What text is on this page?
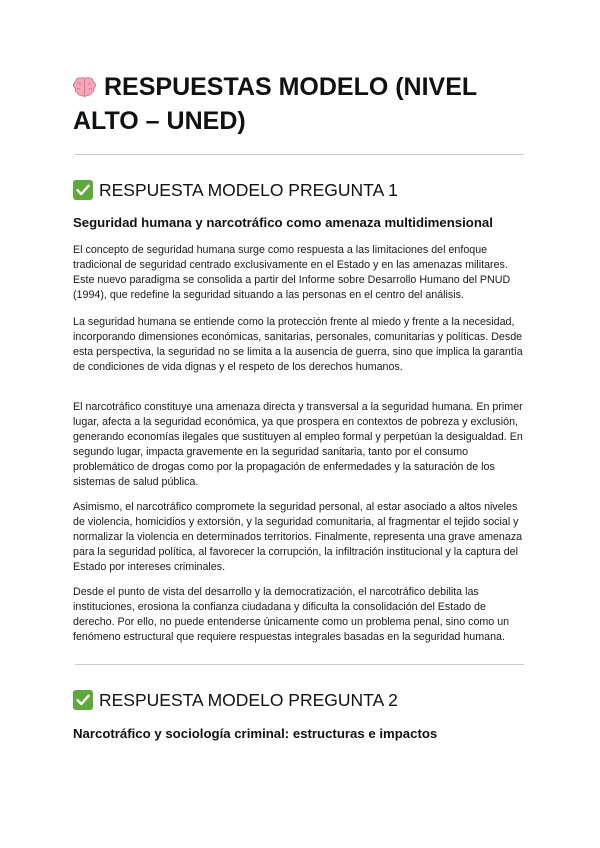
RESPUESTAS MODELO (NIVEL ALTO – UNED)
RESPUESTA MODELO PREGUNTA 1
Seguridad humana y narcotráfico como amenaza multidimensional

El concepto de seguridad humana surge como respuesta a las limitaciones del enfoque tradicional de seguridad centrado exclusivamente en el Estado y en las amenazas militares. Este nuevo paradigma se consolida a partir del Informe sobre Desarrollo Humano del PNUD (1994), que redefine la seguridad situando a las personas en el centro del análisis.

La seguridad humana se entiende como la protección frente al miedo y frente a la necesidad, incorporando dimensiones económicas, sanitarias, personales, comunitarias y políticas. Desde esta perspectiva, la seguridad no se limita a la ausencia de guerra, sino que implica la garantía de condiciones de vida dignas y el respeto de los derechos humanos.

El narcotráfico constituye una amenaza directa y transversal a la seguridad humana. En primer lugar, afecta a la seguridad económica, ya que prospera en contextos de pobreza y exclusión, generando economías ilegales que sustituyen al empleo formal y perpetúan la desigualdad. En segundo lugar, impacta gravemente en la seguridad sanitaria, tanto por el consumo problemático de drogas como por la propagación de enfermedades y la saturación de los sistemas de salud pública.

Asimismo, el narcotráfico compromete la seguridad personal, al estar asociado a altos niveles de violencia, homicidios y extorsión, y la seguridad comunitaria, al fragmentar el tejido social y normalizar la violencia en determinados territorios. Finalmente, representa una grave amenaza para la seguridad política, al favorecer la corrupción, la infiltración institucional y la captura del Estado por intereses criminales.

Desde el punto de vista del desarrollo y la democratización, el narcotráfico debilita las instituciones, erosiona la confianza ciudadana y dificulta la consolidación del Estado de derecho. Por ello, no puede entenderse únicamente como un problema penal, sino como un fenómeno estructural que requiere respuestas integrales basadas en la seguridad humana.

RESPUESTA MODELO PREGUNTA 2
Narcotráfico y sociología criminal: estructuras e impactos
